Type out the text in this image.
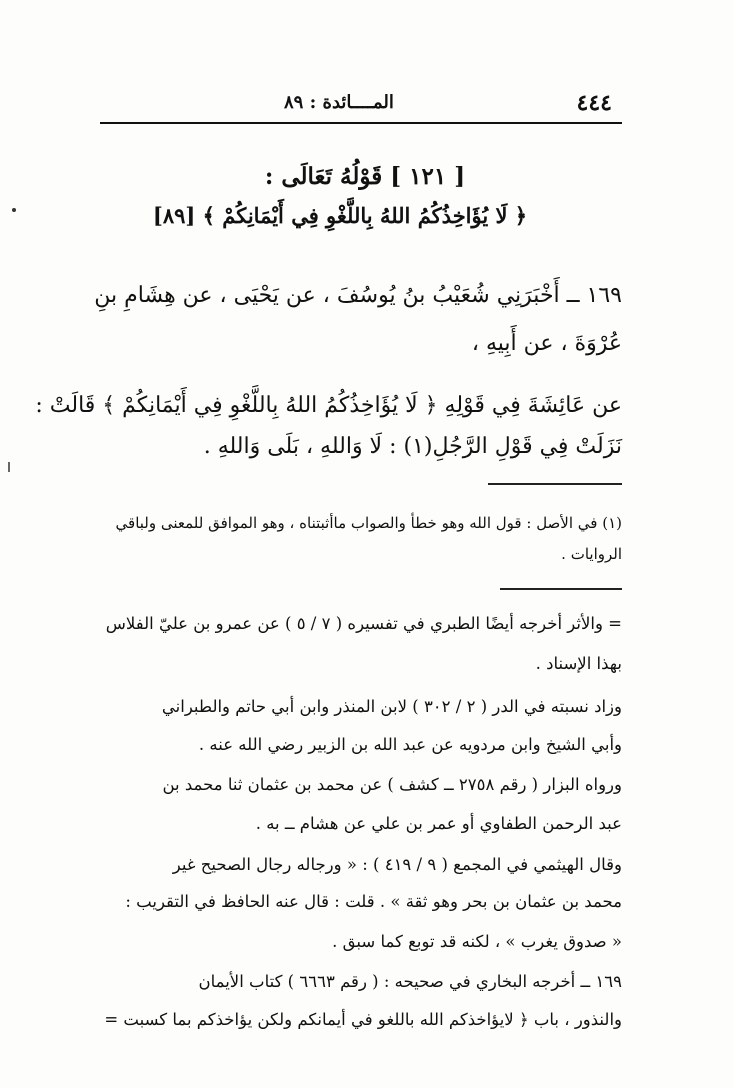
المــــائدة : ٨٩	٤٤٤
[ ١٢١ ] قَوْلُهُ تَعَالَى :
﴿ لَا يُؤَاخِذُكُمُ اللهُ بِاللَّغْوِ فِي أَيْمَانِكُمْ ﴾ [٨٩]
١٦٩ ــ أَخْبَرَنِي شُعَيْبُ بنُ يُوسُفَ ، عن يَحْيَى ، عن هِشَامِ بنِ
عُرْوَةَ ، عن أَبِيهِ ،
عن عَائِشَةَ فِي قَوْلِهِ ﴿ لَا يُؤَاخِذُكُمُ اللهُ بِاللَّغْوِ فِي أَيْمَانِكُمْ ﴾ قَالَتْ :
نَزَلَتْ فِي قَوْلِ الرَّجُلِ(١) : لَا وَاللهِ ، بَلَى وَاللهِ .
(١) في الأصل : قول الله وهو خطأ والصواب ماأثبتناه ، وهو الموافق للمعنى ولباقي
الروايات .
= والأثر أخرجه أيضًا الطبري في تفسيره ( ٧ / ٥ ) عن عمرو بن عليّ الفلاس
بهذا الإسناد .
وزاد نسبته في الدر ( ٢ / ٣٠٢ ) لابن المنذر وابن أبي حاتم والطبراني
وأبي الشيخ وابن مردويه عن عبد الله بن الزبير رضي الله عنه .
ورواه البزار ( رقم ٢٧٥٨ ــ كشف ) عن محمد بن عثمان ثنا محمد بن
عبد الرحمن الطفاوي أو عمر بن علي عن هشام ــ به .
وقال الهيثمي في المجمع ( ٩ / ٤١٩ ) : « ورجاله رجال الصحيح غير
محمد بن عثمان بن بحر وهو ثقة » . قلت : قال عنه الحافظ في التقريب :
« صدوق يغرب » ، لكنه قد توبع كما سبق .
١٦٩ ــ أخرجه البخاري في صحيحه : ( رقم ٦٦٦٣ ) كتاب الأيمان
والنذور ، باب ﴿ لايؤاخذكم الله باللغو في أيمانكم ولكن يؤاخذكم بما كسبت =
